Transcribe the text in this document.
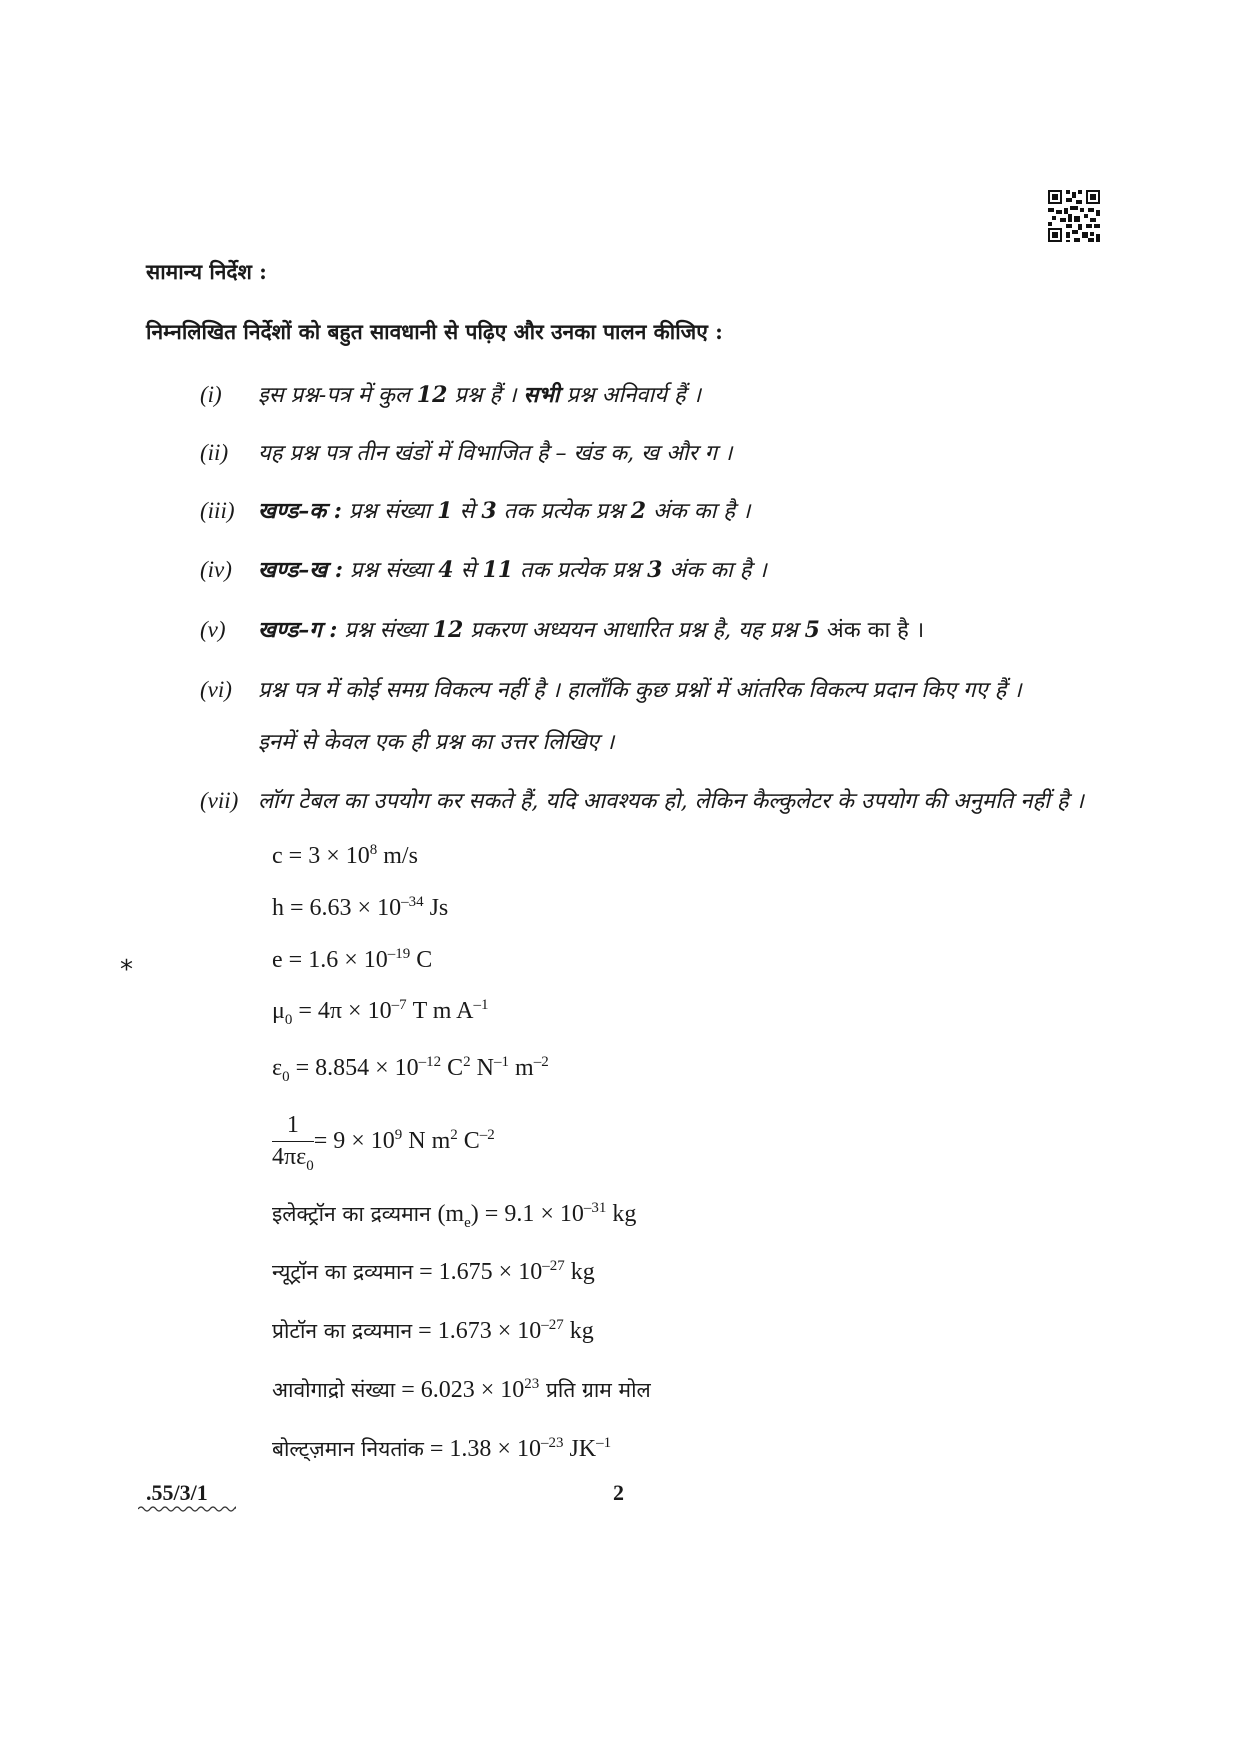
सामान्य निर्देश :
निम्नलिखित निर्देशों को बहुत सावधानी से पढ़िए और उनका पालन कीजिए :
(i) इस प्रश्न-पत्र में कुल 12 प्रश्न हैं । सभी प्रश्न अनिवार्य हैं ।
(ii) यह प्रश्न पत्र तीन खंडों में विभाजित है – खंड क, ख और ग ।
(iii) खण्ड–क : प्रश्न संख्या 1 से 3 तक प्रत्येक प्रश्न 2 अंक का है ।
(iv) खण्ड–ख : प्रश्न संख्या 4 से 11 तक प्रत्येक प्रश्न 3 अंक का है ।
(v) खण्ड–ग : प्रश्न संख्या 12 प्रकरण अध्ययन आधारित प्रश्न है, यह प्रश्न 5 अंक का है ।
(vi) प्रश्न पत्र में कोई समग्र विकल्प नहीं है । हालाँकि कुछ प्रश्नों में आंतरिक विकल्प प्रदान किए गए हैं ।
इनमें से केवल एक ही प्रश्न का उत्तर लिखिए ।
(vii) लॉग टेबल का उपयोग कर सकते हैं, यदि आवश्यक हो, लेकिन कैल्कुलेटर के उपयोग की अनुमति नहीं है ।
*
$c = 3 \times 10^8$ m/s
$h = 6.63 \times 10^{-34}$ Js
$e = 1.6 \times 10^{-19}$ C
$\mu_0 = 4\pi \times 10^{-7}$ T m $A^{-1}$
$\varepsilon_0 = 8.854 \times 10^{-12}$ $C^2$ $N^{-1}$ $m^{-2}$
$\frac{1}{4\pi\varepsilon_0} = 9 \times 10^9$ N $m^2$ $C^{-2}$
इलेक्ट्रॉन का द्रव्यमान $(m_e) = 9.1 \times 10^{-31}$ kg
न्यूट्रॉन का द्रव्यमान = $1.675 \times 10^{-27}$ kg
प्रोटॉन का द्रव्यमान = $1.673 \times 10^{-27}$ kg
आवोगाद्रो संख्या = $6.023 \times 10^{23}$ प्रति ग्राम मोल
बोल्ट्ज़मान नियतांक = $1.38 \times 10^{-23}$ $JK^{-1}$
.55/3/1	2
